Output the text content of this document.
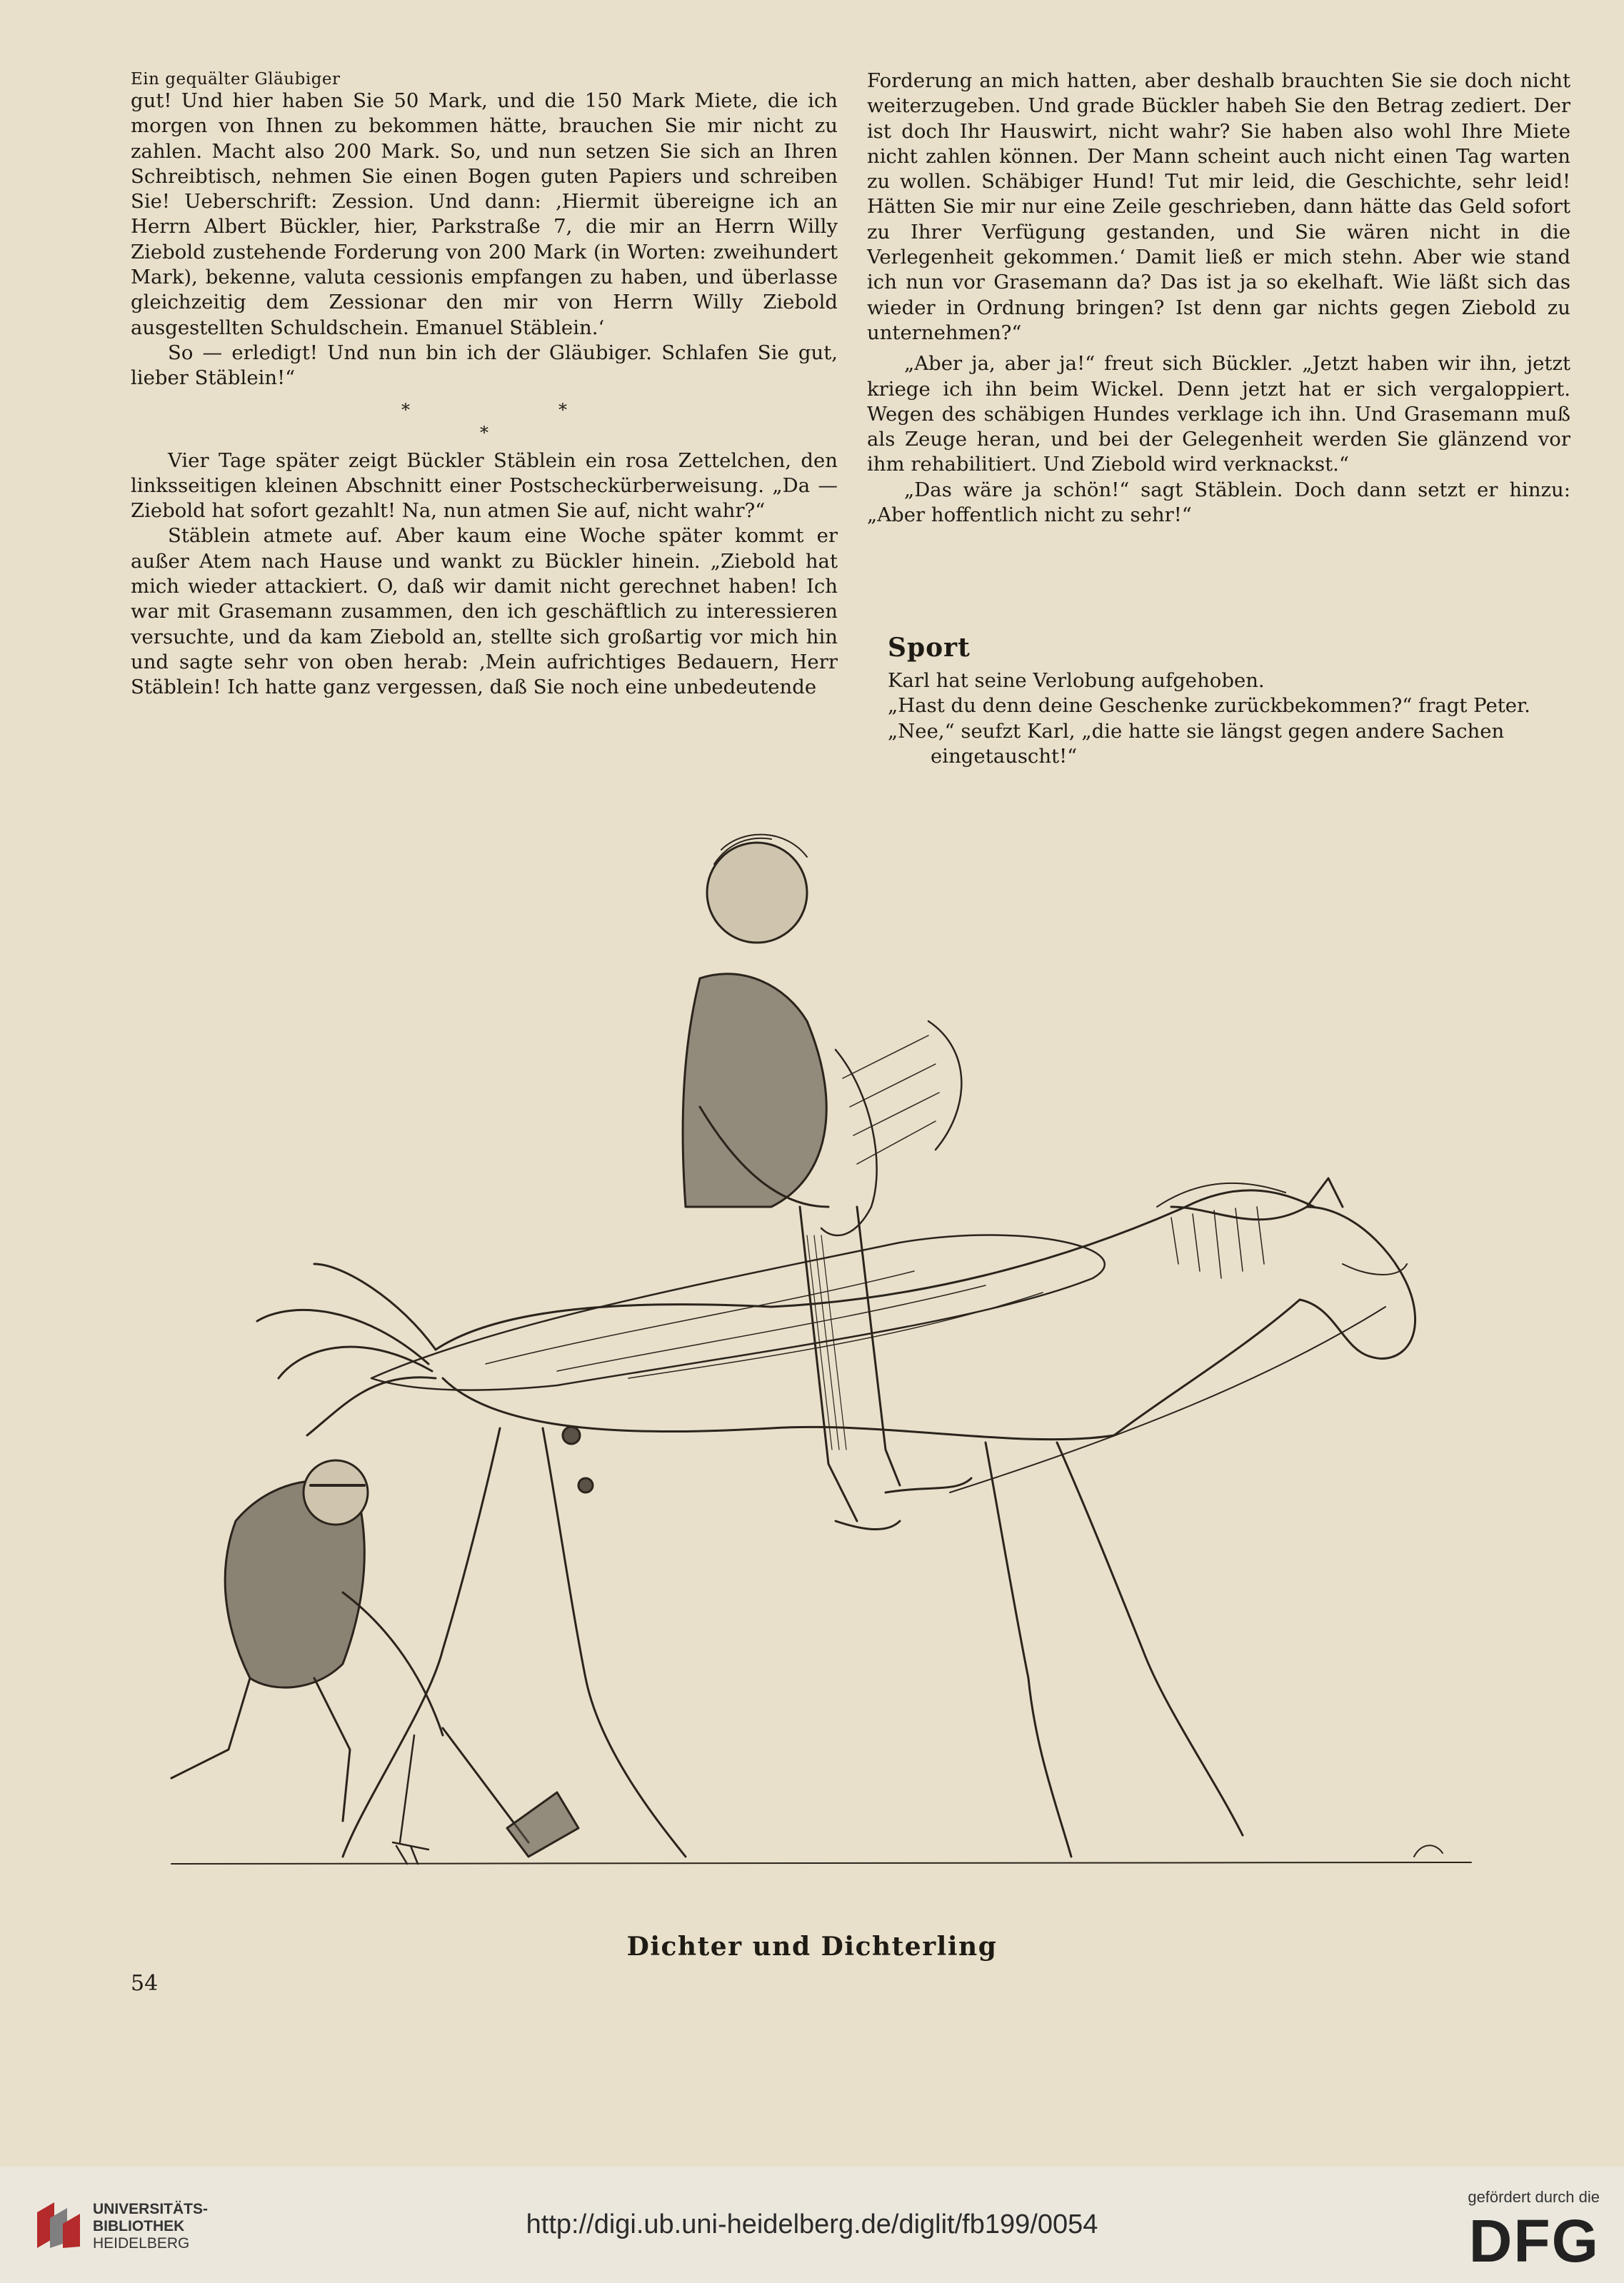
Ein gequälter Gläubiger

gut! Und hier haben Sie 50 Mark, und die 150 Mark Miete, die ich morgen von Ihnen zu bekommen hätte, brauchen Sie mir nicht zu zahlen. Macht also 200 Mark. So, und nun setzen Sie sich an Ihren Schreibtisch, nehmen Sie einen Bogen guten Papiers und schreiben Sie! Ueberschrift: Zession. Und dann: ‚Hiermit übereigne ich an Herrn Albert Bückler, hier, Parkstraße 7, die mir an Herrn Willy Ziebold zustehende Forderung von 200 Mark (in Worten: zweihundert Mark), bekenne, valuta cessionis empfangen zu haben, und überlasse gleichzeitig dem Zessionar den mir von Herrn Willy Ziebold ausgestellten Schuldschein. Emanuel Stäblein.‘

So — erledigt! Und nun bin ich der Gläubiger. Schlafen Sie gut, lieber Stäblein!“

*	*
*

Vier Tage später zeigt Bückler Stäblein ein rosa Zettelchen, den linksseitigen kleinen Abschnitt einer Postscheckürberweisung. „Da — Ziebold hat sofort gezahlt! Na, nun atmen Sie auf, nicht wahr?“

Stäblein atmete auf. Aber kaum eine Woche später kommt er außer Atem nach Hause und wankt zu Bückler hinein. „Ziebold hat mich wieder attackiert. O, daß wir damit nicht gerechnet haben! Ich war mit Grasemann zusammen, den ich geschäftlich zu interessieren versuchte, und da kam Ziebold an, stellte sich großartig vor mich hin und sagte sehr von oben herab: ‚Mein aufrichtiges Bedauern, Herr Stäblein! Ich hatte ganz vergessen, daß Sie noch eine unbedeutende

Forderung an mich hatten, aber deshalb brauchten Sie sie doch nicht weiterzugeben. Und grade Bückler habeh Sie den Betrag zediert. Der ist doch Ihr Hauswirt, nicht wahr? Sie haben also wohl Ihre Miete nicht zahlen können. Der Mann scheint auch nicht einen Tag warten zu wollen. Schäbiger Hund! Tut mir leid, die Geschichte, sehr leid! Hätten Sie mir nur eine Zeile geschrieben, dann hätte das Geld sofort zu Ihrer Verfügung gestanden, und Sie wären nicht in die Verlegenheit gekommen.‘ Damit ließ er mich stehn. Aber wie stand ich nun vor Grasemann da? Das ist ja so ekelhaft. Wie läßt sich das wieder in Ordnung bringen? Ist denn gar nichts gegen Ziebold zu unternehmen?“

„Aber ja, aber ja!“ freut sich Bückler. „Jetzt haben wir ihn, jetzt kriege ich ihn beim Wickel. Denn jetzt hat er sich vergaloppiert. Wegen des schäbigen Hundes verklage ich ihn. Und Grasemann muß als Zeuge heran, und bei der Gelegenheit werden Sie glänzend vor ihm rehabilitiert. Und Ziebold wird verknackst.“

„Das wäre ja schön!“ sagt Stäblein. Doch dann setzt er hinzu: „Aber hoffentlich nicht zu sehr!“

Sport

Karl hat seine Verlobung aufgehoben.

„Hast du denn deine Geschenke zurückbekommen?“ fragt Peter.

„Nee,“ seufzt Karl, „die hatte sie längst gegen andere Sachen

eingetauscht!“

Dichter und Dichterling
54
UNIVERSITÄTS-
BIBLIOTHEK
HEIDELBERG
http://digi.ub.uni-heidelberg.de/diglit/fb199/0054
gefördert durch die
DFG
